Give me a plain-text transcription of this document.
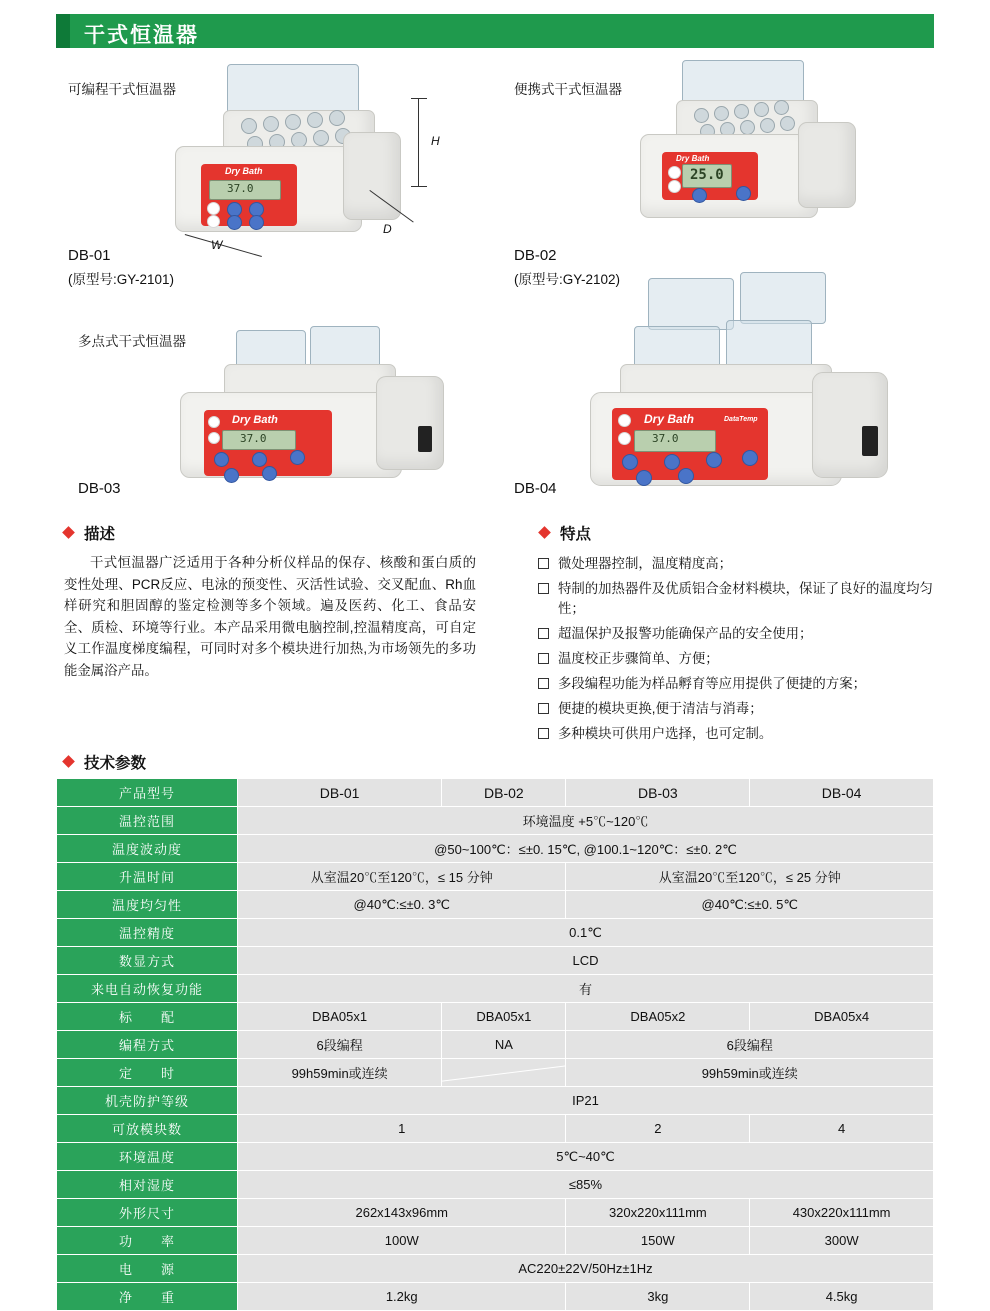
干式恒温器
可编程干式恒温器
Dry Bath
37.0
H
D
W
DB-01
(原型号:GY-2101)
便携式干式恒温器
Dry Bath
25.0
DB-02
(原型号:GY-2102)
多点式干式恒温器
Dry Bath
37.0
DB-03
Dry Bath	DataTemp
37.0
DB-04
描述
干式恒温器广泛适用于各种分析仪样品的保存、核酸和蛋白质的变性处理、PCR反应、电泳的预变性、灭活性试验、交叉配血、Rh血样研究和胆固醇的鉴定检测等多个领域。遍及医药、化工、食品安全、质检、环境等行业。本产品采用微电脑控制,控温精度高，可自定义工作温度梯度编程，可同时对多个模块进行加热,为市场领先的多功能金属浴产品。
特点
微处理器控制，温度精度高；
特制的加热器件及优质铝合金材料模块，保证了良好的温度均匀性；
超温保护及报警功能确保产品的安全使用；
温度校正步骤简单、方便；
多段编程功能为样品孵育等应用提供了便捷的方案；
便捷的模块更换,便于清洁与消毒；
多种模块可供用户选择，也可定制。
技术参数
产品型号	DB-01	DB-02	DB-03	DB-04
温控范围	环境温度 +5℃~120℃			
温度波动度	@50~100℃：≤±0. 15℃, @100.1~120℃：≤±0. 2℃			
升温时间	从室温20℃至120℃，≤ 15 分钟		从室温20℃至120℃，≤ 25 分钟	
温度均匀性	@40℃:≤±0. 3℃		@40℃:≤±0. 5℃	
温控精度	0.1℃			
数显方式	LCD			
来电自动恢复功能	有			
标　　配	DBA05x1	DBA05x1	DBA05x2	DBA05x4
编程方式	6段编程	NA	6段编程	
定　　时	99h59min或连续		99h59min或连续	
机壳防护等级	IP21			
可放模块数	1		2	4
环境温度	5℃~40℃			
相对湿度	≤85%			
外形尺寸	262x143x96mm		320x220x111mm	430x220x111mm
功　　率	100W		150W	300W
电　　源	AC220±22V/50Hz±1Hz			
净　　重	1.2kg		3kg	4.5kg
